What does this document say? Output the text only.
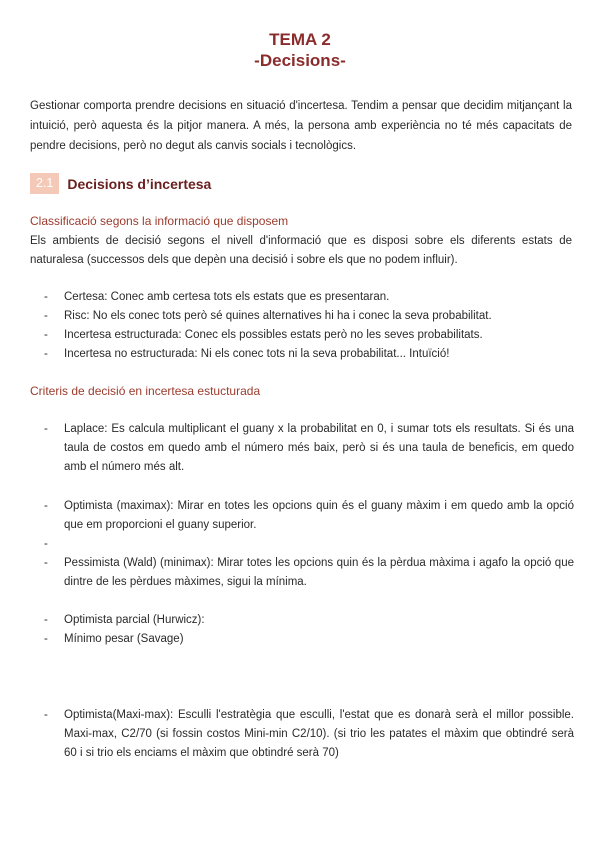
TEMA 2
-Decisions-
Gestionar comporta prendre decisions en situació d'incertesa. Tendim a pensar que decidim mitjançant la intuició, però aquesta és la pitjor manera. A més, la persona amb experiència no té més capacitats de pendre decisions, però no degut als canvis socials i tecnològics.
2.1	Decisions d’incertesa
Classificació segons la informació que disposem
Els ambients de decisió segons el nivell d'informació que es disposi sobre els diferents estats de naturalesa (successos dels que depèn una decisió i sobre els que no podem influir).
- Certesa: Conec amb certesa tots els estats que es presentaran.
- Risc: No els conec tots però sé quines alternatives hi ha i conec la seva probabilitat.
- Incertesa estructurada: Conec els possibles estats però no les seves probabilitats.
- Incertesa no estructurada: Ni els conec tots ni la seva probabilitat... Intuïció!
Criteris de decisió en incertesa estucturada
- Laplace: Es calcula multiplicant el guany x la probabilitat en 0, i sumar tots els resultats. Si és una taula de costos em quedo amb el número més baix, però si és una taula de beneficis, em quedo amb el número més alt.
- Optimista (maximax): Mirar en totes les opcions quin és el guany màxim i em quedo amb la opció que em proporcioni el guany superior.
-
- Pessimista (Wald) (minimax): Mirar totes les opcions quin és la pèrdua màxima i agafo la opció que dintre de les pèrdues màximes, sigui la mínima.
- Optimista parcial (Hurwicz):
- Mínimo pesar (Savage)
- Optimista(Maxi-max): Esculli l'estratègia que esculli, l'estat que es donarà serà el millor possible. Maxi-max, C2/70 (si fossin costos Mini-min C2/10). (si trio les patates el màxim que obtindré serà 60 i si trio els enciams el màxim que obtindré serà 70)
